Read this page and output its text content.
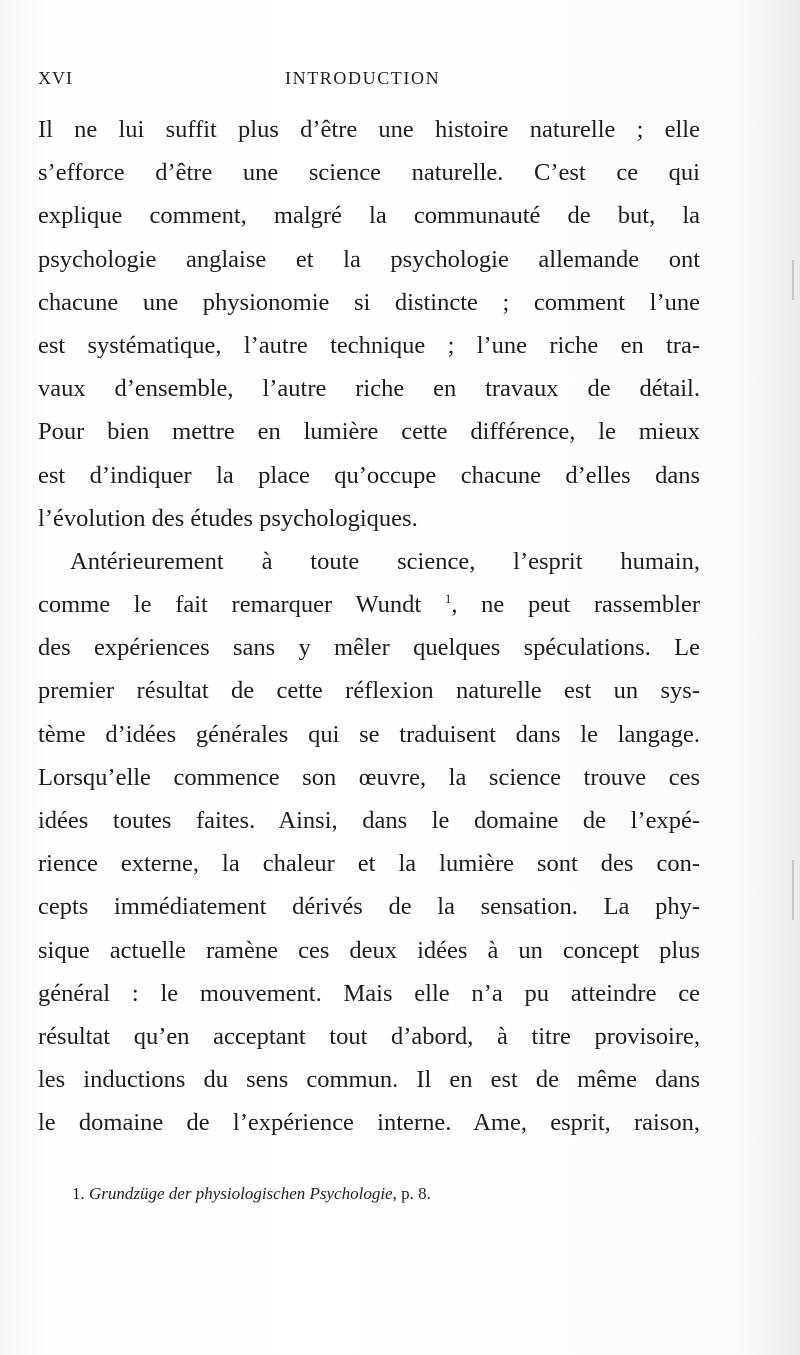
XVI	INTRODUCTION
Il ne lui suffit plus d’être une histoire naturelle ; elle
s’efforce d’être une science naturelle. C’est ce qui
explique comment, malgré la communauté de but, la
psychologie anglaise et la psychologie allemande ont
chacune une physionomie si distincte ; comment l’une
est systématique, l’autre technique ; l’une riche en tra-
vaux d’ensemble, l’autre riche en travaux de détail.
Pour bien mettre en lumière cette différence, le mieux
est d’indiquer la place qu’occupe chacune d’elles dans
l’évolution des études psychologiques.
Antérieurement à toute science, l’esprit humain,
comme le fait remarquer Wundt $^1$, ne peut rassembler
des expériences sans y mêler quelques spéculations. Le
premier résultat de cette réflexion naturelle est un sys-
tème d’idées générales qui se traduisent dans le langage.
Lorsqu’elle commence son œuvre, la science trouve ces
idées toutes faites. Ainsi, dans le domaine de l’expé-
rience externe, la chaleur et la lumière sont des con-
cepts immédiatement dérivés de la sensation. La phy-
sique actuelle ramène ces deux idées à un concept plus
général : le mouvement. Mais elle n’a pu atteindre ce
résultat qu’en acceptant tout d’abord, à titre provisoire,
les inductions du sens commun. Il en est de même dans
le domaine de l’expérience interne. Ame, esprit, raison,
1. Grundzüge der physiologischen Psychologie, p. 8.
